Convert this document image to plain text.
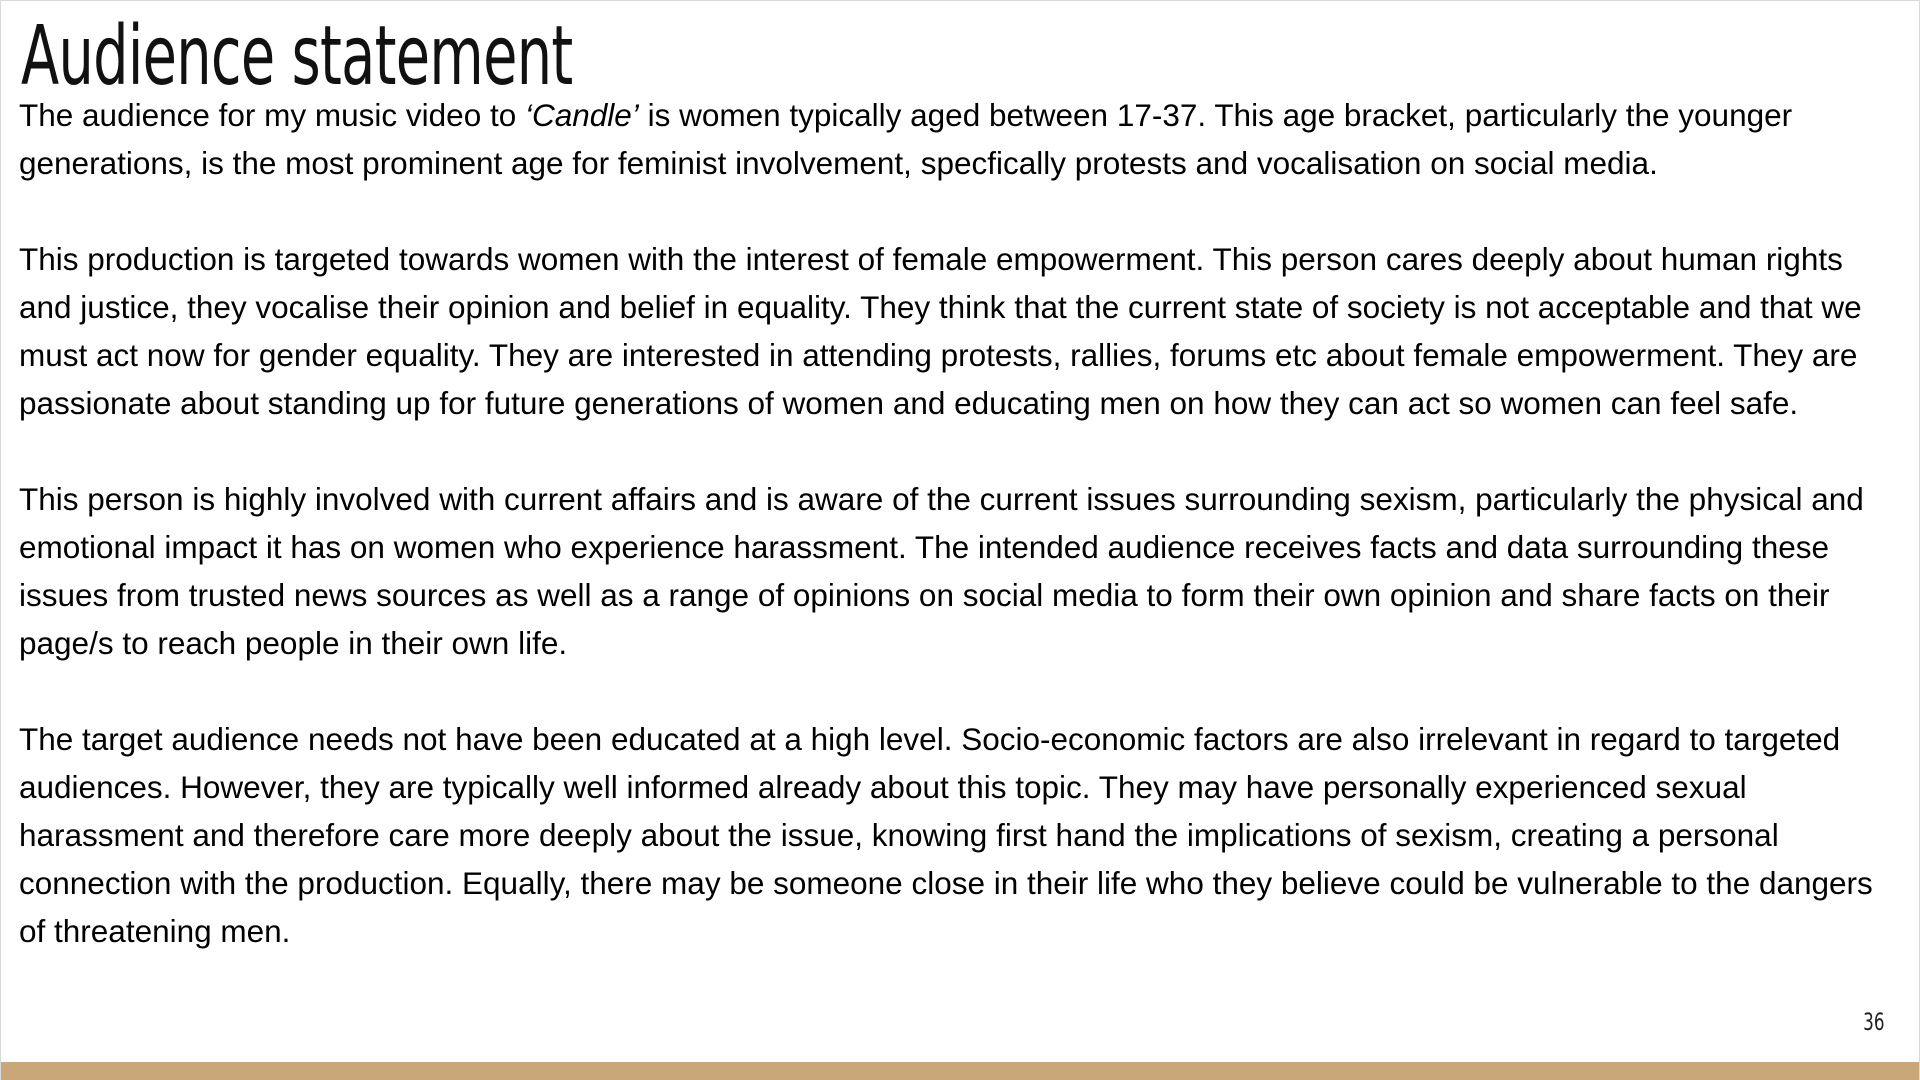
Audience statement

The audience for my music video to ‘Candle’ is women typically aged between 17-37. This age bracket, particularly the younger generations, is the most prominent age for feminist involvement, specfically protests and vocalisation on social media.

This production is targeted towards women with the interest of female empowerment. This person cares deeply about human rights and justice, they vocalise their opinion and belief in equality. They think that the current state of society is not acceptable and that we must act now for gender equality. They are interested in attending protests, rallies, forums etc about female empowerment. They are passionate about standing up for future generations of women and educating men on how they can act so women can feel safe.

This person is highly involved with current affairs and is aware of the current issues surrounding sexism, particularly the physical and emotional impact it has on women who experience harassment. The intended audience receives facts and data surrounding these issues from trusted news sources as well as a range of opinions on social media to form their own opinion and share facts on their page/s to reach people in their own life.

The target audience needs not have been educated at a high level. Socio-economic factors are also irrelevant in regard to targeted audiences. However, they are typically well informed already about this topic. They may have personally experienced sexual harassment and therefore care more deeply about the issue, knowing first hand the implications of sexism, creating a personal connection with the production. Equally, there may be someone close in their life who they believe could be vulnerable to the dangers of threatening men.

36
